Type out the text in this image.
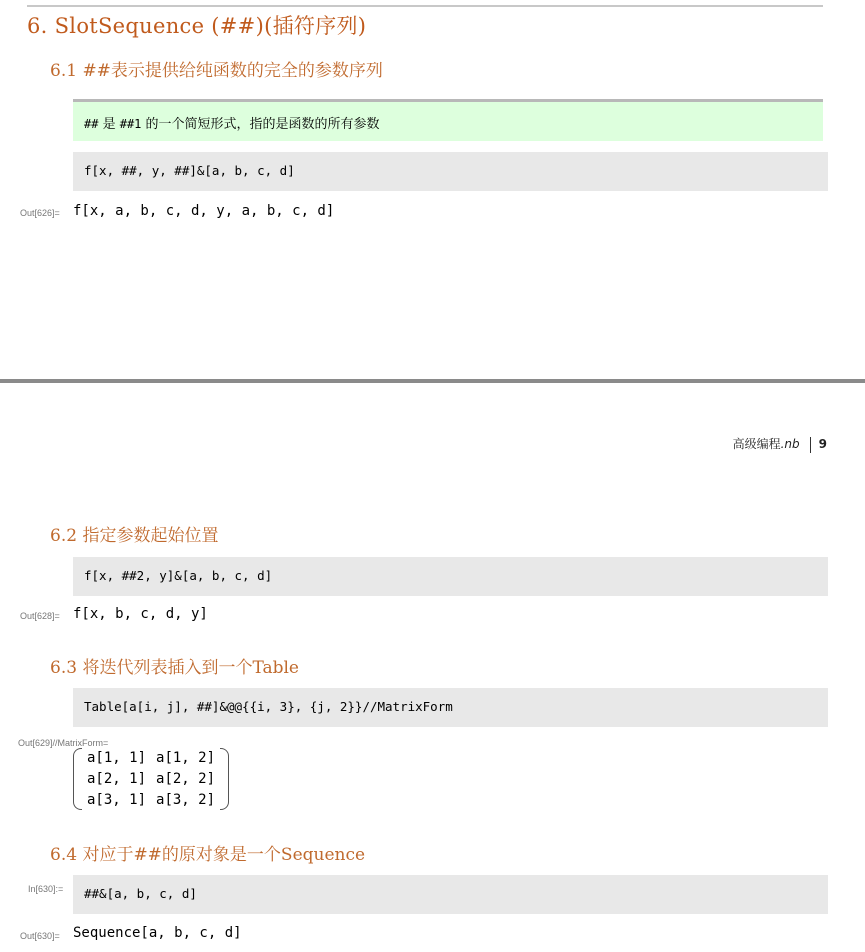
6. SlotSequence (##)(插符序列)
6.1 ##表示提供给纯函数的完全的参数序列
## 是 ##1 的一个简短形式，指的是函数的所有参数
f[x, ##, y, ##]&[a, b, c, d]
Out[626]= f[x, a, b, c, d, y, a, b, c, d]
高级编程.nb 9
6.2 指定参数起始位置
f[x, ##2, y]&[a, b, c, d]
Out[628]= f[x, b, c, d, y]
6.3 将迭代列表插入到一个Table
Table[a[i, j], ##]&@@{{i, 3}, {j, 2}}//MatrixForm
Out[629]//MatrixForm=
a[1, 1]	a[1, 2]
a[2, 1]	a[2, 2]
a[3, 1]	a[3, 2]
6.4 对应于##的原对象是一个Sequence
In[630]:= ##&[a, b, c, d]
Out[630]= Sequence[a, b, c, d]
